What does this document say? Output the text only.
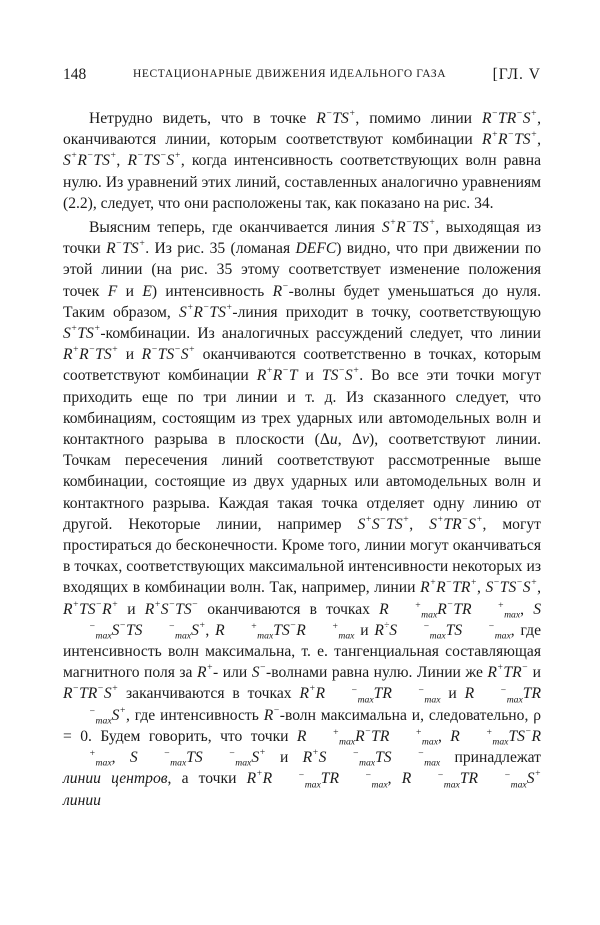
148	НЕСТАЦИОНАРНЫЕ ДВИЖЕНИЯ ИДЕАЛЬНОГО ГАЗА	[ГЛ. V

Нетрудно видеть, что в точке R−TS+, помимо линии R−TR−S+, оканчиваются линии, которым соответствуют комбинации R+R−TS+, S+R−TS+, R−TS−S+, когда интенсивность соответствующих волн равна нулю. Из уравнений этих линий, составленных аналогично уравнениям (2.2), следует, что они расположены так, как показано на рис. 34.

Выясним теперь, где оканчивается линия S+R−TS+, выходящая из точки R−TS+. Из рис. 35 (ломаная DEFC) видно, что при движении по этой линии (на рис. 35 этому соответствует изменение положения точек F и E) интенсивность R−-волны будет уменьшаться до нуля. Таким образом, S+R−TS+-линия приходит в точку, соответствующую S+TS+-комбинации. Из аналогичных рассуждений следует, что линии R+R−TS+ и R−TS−S+ оканчиваются соответственно в точках, которым соответствуют комбинации R+R−T и TS−S+. Во все эти точки могут приходить еще по три линии и т. д. Из сказанного следует, что комбинациям, состоящим из трех ударных или автомодельных волн и контактного разрыва в плоскости (Δu, Δv), соответствуют линии. Точкам пересечения линий соответствуют рассмотренные выше комбинации, состоящие из двух ударных или автомодельных волн и контактного разрыва. Каждая такая точка отделяет одну линию от другой. Некоторые линии, например S+S−TS+, S+TR−S+, могут простираться до бесконечности. Кроме того, линии могут оканчиваться в точках, соответствующих максимальной интенсивности некоторых из входящих в комбинации волн. Так, например, линии R+R−TR+, S−TS−S+, R+TS−R+ и R+S−TS− оканчиваются в точках R	+$_{max}$R−TR	+$_{max}$, $S^-_{max}S^-TS$	−$_{max}$S+, R	+$_{max}$TS−R	+$_{max}$ и R÷S	−$_{max}$TS	−$_{max}$, где интенсивность волн максимальна, т. е. тангенциальная составляющая магнитного поля за R+- или S−-волнами равна нулю. Линии же R+TR− и R−TR−S+ заканчиваются в точках R+R	−$_{max}$TR	−$_{max}$ и R	$^-_{max}TR^-_{max}S^+$, где интенсивность R−-волн максимальна и, следовательно, ρ = 0. Будем говорить, что точки R	+$_{max}$R−TR	+$_{max}$, R	$^+_{max}TS^-R^+_{max}$, S	−$_{max}$TS	−$_{max}$S+ и R+S	−$_{max}$TS	−$_{max}$ принадлежат линии центров, а точки R+R	−$_{max}$TR	−$_{max}$, R	−$_{max}$TR	−$_{max}$S+ линии
